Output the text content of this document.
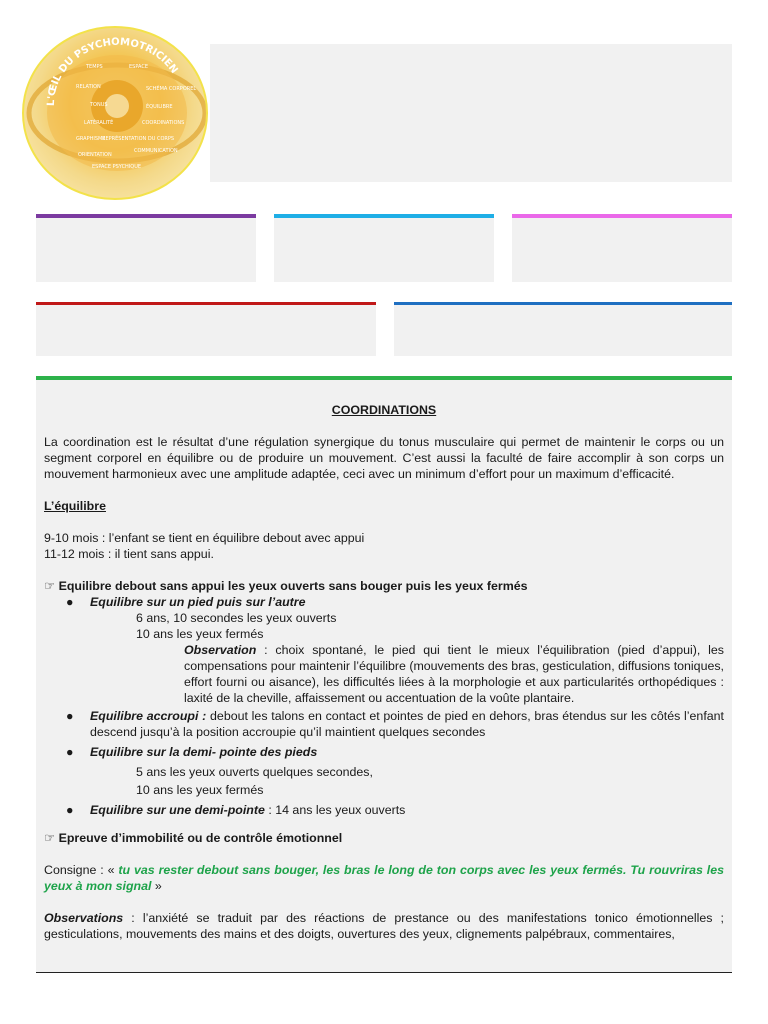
L'ŒIL DU PSYCHOMOTRICIEN
TEMPS	ESPACE
RELATION	SCHÉMA CORPOREL
TONUS	ÉQUILIBRE
LATÉRALITÉ	COORDINATIONS
REPRÉSENTATION DU CORPS
GRAPHISME
COMMUNICATION
ORIENTATION
ESPACE PSYCHIQUE

COORDINATIONS

La coordination est le résultat d’une régulation synergique du tonus musculaire qui permet de maintenir le corps ou un segment corporel en équilibre ou de produire un mouvement. C’est aussi la faculté de faire accomplir à son corps un mouvement harmonieux avec une amplitude adaptée, ceci avec un minimum d’effort pour un maximum d’efficacité.

L’équilibre

9-10 mois : l’enfant se tient en équilibre debout avec appui

11-12 mois : il tient sans appui.

☞ Equilibre debout sans appui les yeux ouverts sans bouger puis les yeux fermés

● Equilibre sur un pied puis sur l’autre

6 ans, 10 secondes les yeux ouverts

10 ans les yeux fermés

Observation : choix spontané, le pied qui tient le mieux l’équilibration (pied d’appui), les compensations pour maintenir l’équilibre (mouvements des bras, gesticulation, diffusions toniques, effort fourni ou aisance), les difficultés liées à la morphologie et aux particularités orthopédiques : laxité de la cheville, affaissement ou accentuation de la voûte plantaire.

● Equilibre accroupi : debout les talons en contact et pointes de pied en dehors, bras étendus sur les côtés l’enfant descend jusqu’à la position accroupie qu’il maintient quelques secondes
● Equilibre sur la demi- pointe des pieds

5 ans les yeux ouverts quelques secondes,

10 ans les yeux fermés

● Equilibre sur une demi-pointe : 14 ans les yeux ouverts

☞ Epreuve d’immobilité ou de contrôle émotionnel

Consigne : « tu vas rester debout sans bouger, les bras le long de ton corps avec les yeux fermés. Tu rouvriras les yeux à mon signal »

Observations : l’anxiété se traduit par des réactions de prestance ou des manifestations tonico émotionnelles ; gesticulations, mouvements des mains et des doigts, ouvertures des yeux, clignements palpébraux, commentaires,
